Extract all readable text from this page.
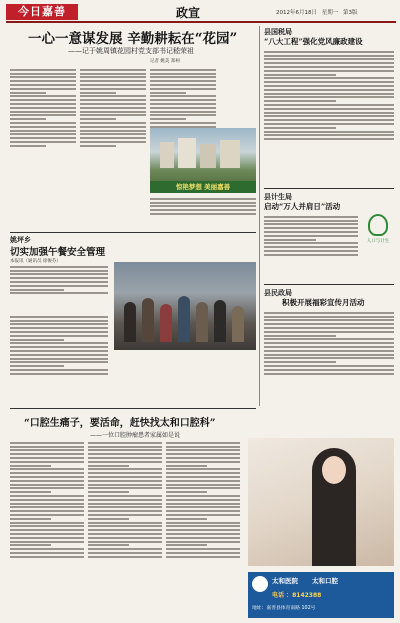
今日嘉善	政宣	2012年6月18日 星期一 第3版
一心一意谋发展 辛勤耕耘在“花园”
——记于姚周镇花园村党支部书记嵇荣祖
记者 姚美 郑柯
惊艳梦想 美丽嘉善
姚坪乡
切实加强午餐安全管理
本报讯（通讯员 徐俊芬）
县国税局
“八大工程”强化党风廉政建设
县计生局
启动“万人并肩日”活动
人口与计生
县民政局
积极开展福彩宣传月活动
“口腔生痛子，要活命，赶快找太和口腔科”
——一位口腔肿瘤患者家属如是说
太和医院 太和口腔
电话 ：8142388
地址：嘉善县体育南路 102号
